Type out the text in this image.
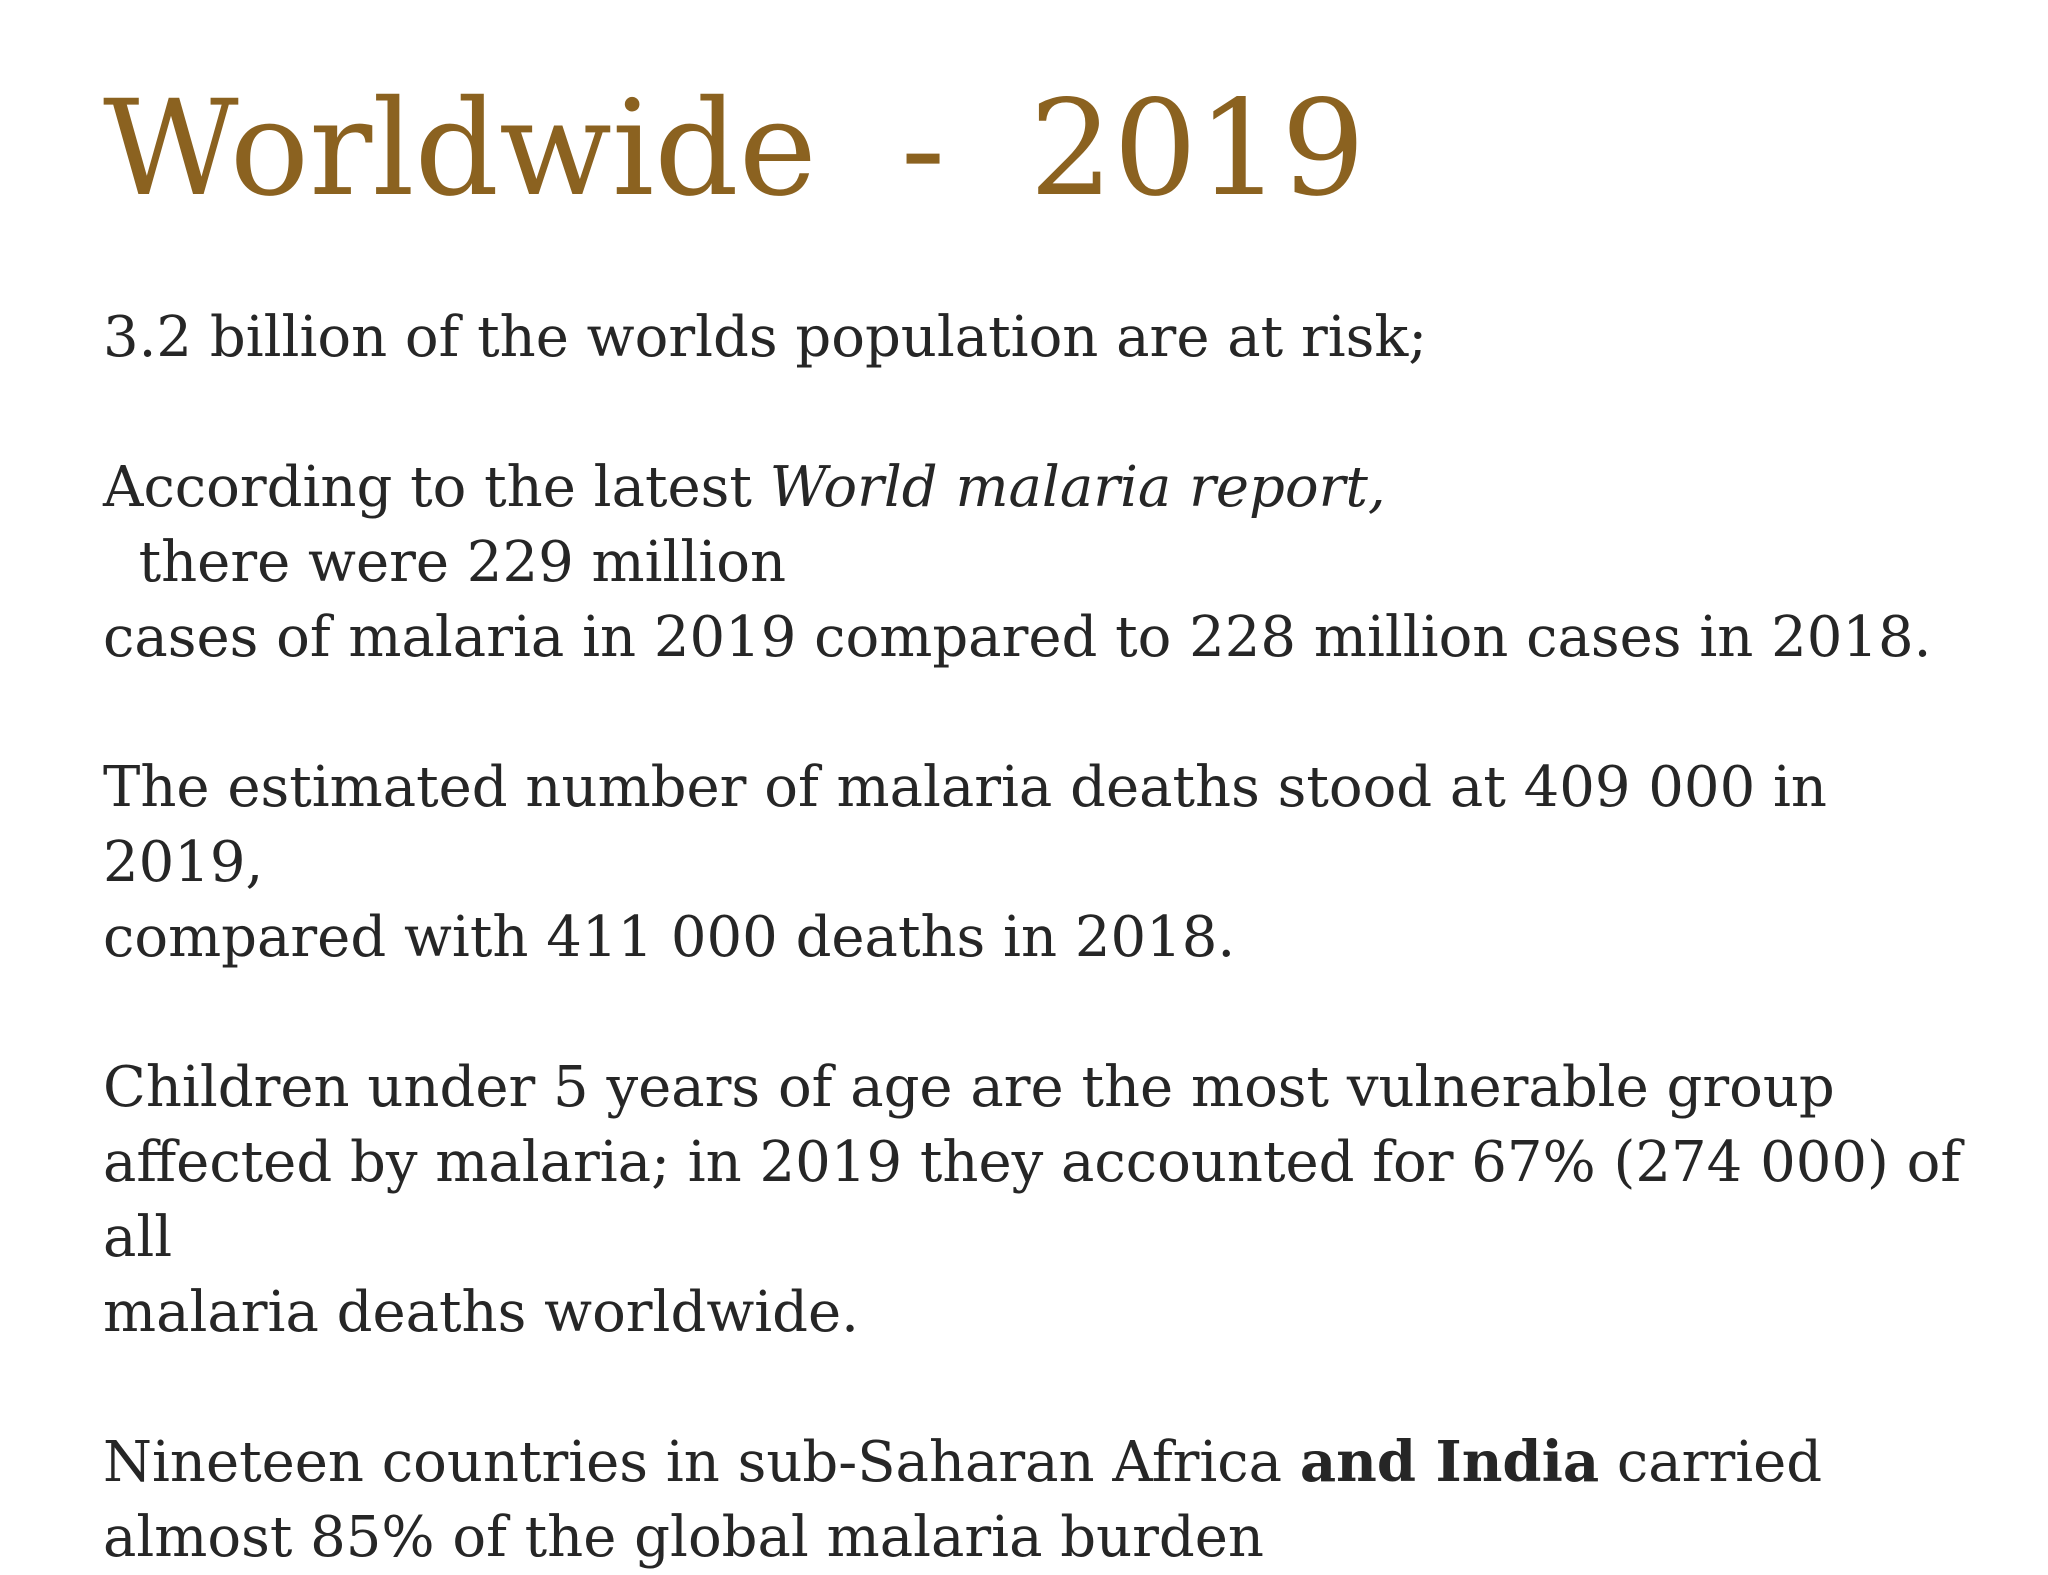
Worldwide  -  2019

3.2 billion of the worlds population are at risk;

According to the latest World malaria report,  there were 229 million
cases of malaria in 2019 compared to 228 million cases in 2018.

The estimated number of malaria deaths stood at 409 000 in 2019,
compared with 411 000 deaths in 2018.

Children under 5 years of age are the most vulnerable group
affected by malaria; in 2019 they accounted for 67% (274 000) of all
malaria deaths worldwide.

Nineteen countries in sub-Saharan Africa and India carried
almost 85% of the global malaria burden
